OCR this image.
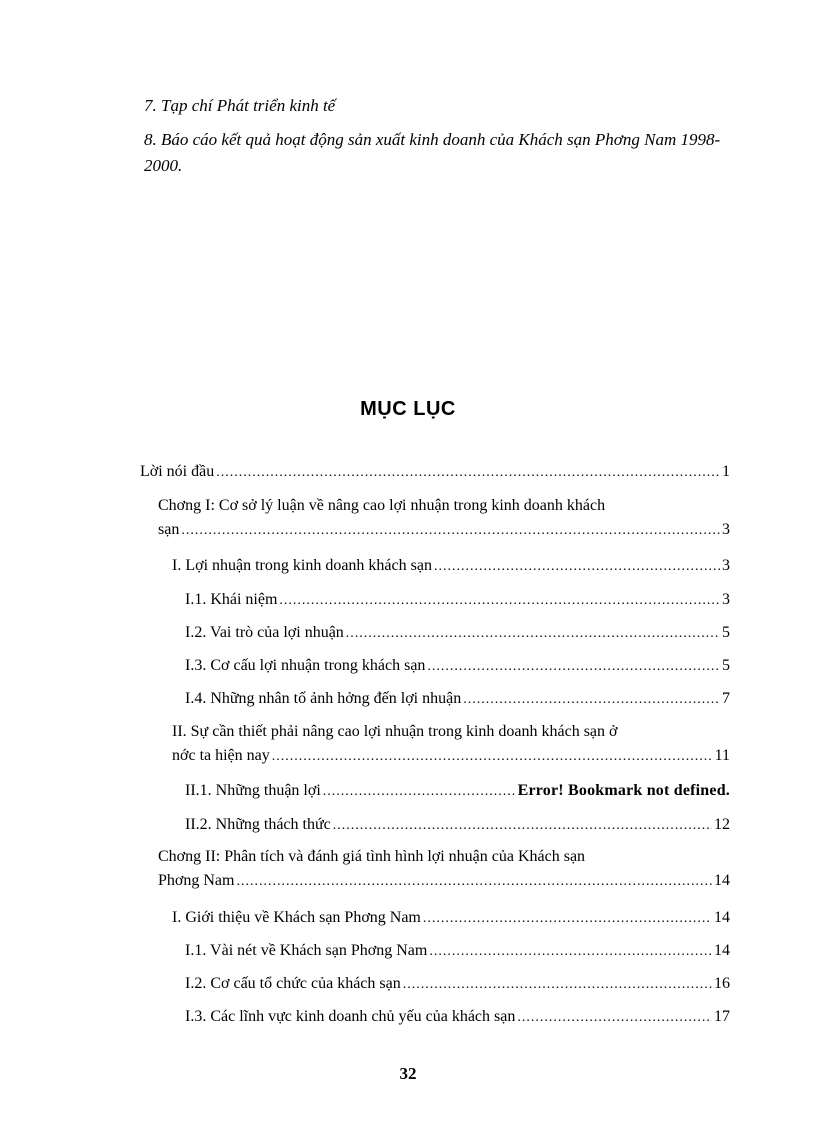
7. Tạp chí Phát triển kinh tế
8. Báo cáo kết quả hoạt động sản xuất kinh doanh của Khách sạn Phơng Nam 1998-2000.
MỤC LỤC
Lời nói đầu .....	1
Chơng I: Cơ sở lý luận về nâng cao lợi nhuận trong kinh doanh khách
sạn .....	3
I. Lợi nhuận trong kinh doanh khách sạn .....	3
I.1. Khái niệm .....	3
I.2. Vai trò của lợi nhuận .....	5
I.3. Cơ cấu lợi nhuận trong khách sạn .....	5
I.4. Những nhân tố ảnh hởng đến lợi nhuận .....	7
II. Sự cần thiết phải nâng cao lợi nhuận trong kinh doanh khách sạn ở
nớc ta hiện nay .....	11
II.1. Những thuận lợi .....	Error! Bookmark not defined.
II.2. Những thách thức .....	12
Chơng II: Phân tích và đánh giá tình hình lợi nhuận của Khách sạn
Phơng Nam .....	14
I. Giới thiệu về Khách sạn Phơng Nam .....	14
I.1. Vài nét về Khách sạn Phơng Nam .....	14
I.2. Cơ cấu tổ chức của khách sạn .....	16
I.3. Các lĩnh vực kinh doanh chủ yếu của khách sạn .....	17
32
